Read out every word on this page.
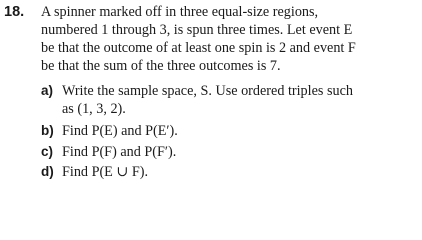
18. A spinner marked off in three equal-size regions,
numbered 1 through 3, is spun three times. Let event E
be that the outcome of at least one spin is 2 and event F
be that the sum of the three outcomes is 7.
a) Write the sample space, S. Use ordered triples such
as (1, 3, 2).
b) Find P(E) and P(E′).
c) Find P(F) and P(F′).
d) Find P(E ∪ F).
